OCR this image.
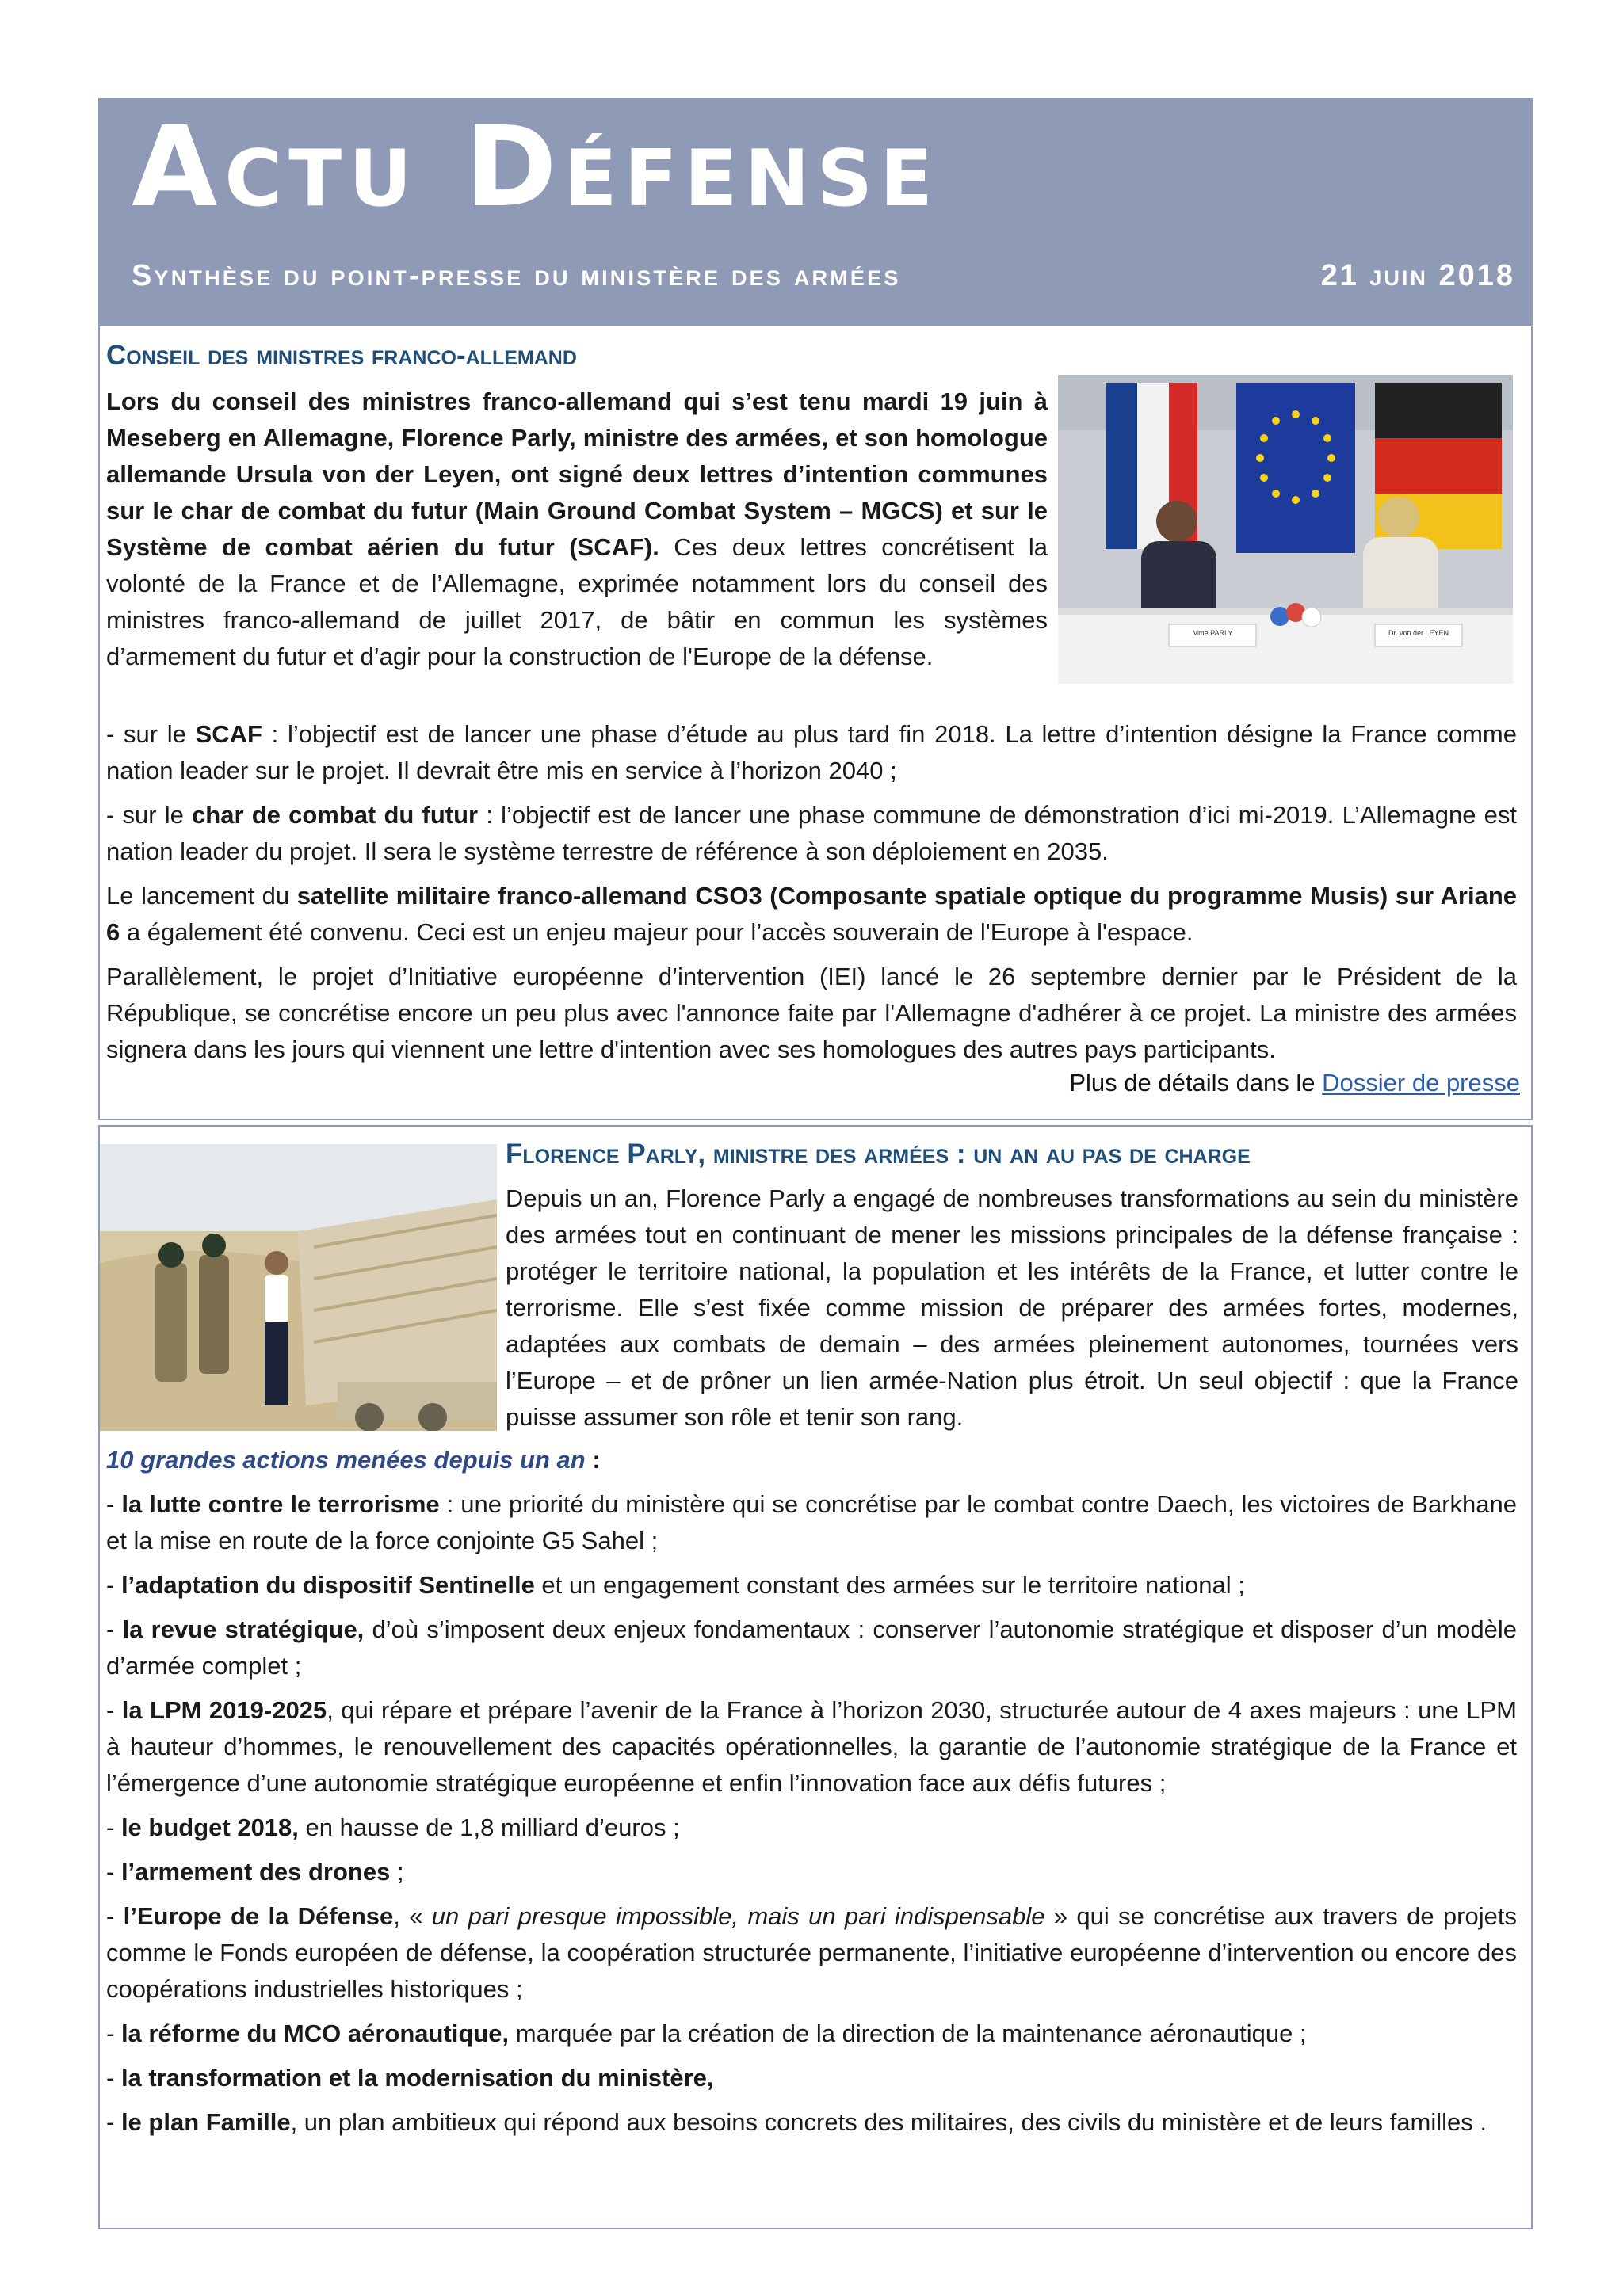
Actu Défense
Synthèse du point-presse du ministère des armées	21 juin 2018
Conseil des ministres franco-allemand
Mme PARLY	Dr. von der LEYEN

Lors du conseil des ministres franco-allemand qui s’est tenu mardi 19 juin à Meseberg en Allemagne, Florence Parly, ministre des armées, et son homologue allemande Ursula von der Leyen, ont signé deux lettres d’intention communes sur le char de combat du futur (Main Ground Combat System – MGCS) et sur le Système de combat aérien du futur (SCAF). Ces deux lettres concrétisent la volonté de la France et de l’Allemagne, exprimée notamment lors du conseil des ministres franco-allemand de juillet 2017, de bâtir en commun les systèmes d’armement du futur et d’agir pour la construction de l'Europe de la défense.

- sur le SCAF : l’objectif est de lancer une phase d’étude au plus tard fin 2018. La lettre d’intention désigne la France comme nation leader sur le projet. Il devrait être mis en service à l’horizon 2040 ;

- sur le char de combat du futur : l’objectif est de lancer une phase commune de démonstration d’ici mi-2019. L’Allemagne est nation leader du projet. Il sera le système terrestre de référence à son déploiement en 2035.

Le lancement du satellite militaire franco-allemand CSO3 (Composante spatiale optique du programme Musis) sur Ariane 6 a également été convenu. Ceci est un enjeu majeur pour l’accès souverain de l'Europe à l'espace.

Parallèlement, le projet d’Initiative européenne d’intervention (IEI) lancé le 26 septembre dernier par le Président de la République, se concrétise encore un peu plus avec l'annonce faite par l'Allemagne d'adhérer à ce projet. La ministre des armées signera dans les jours qui viennent une lettre d'intention avec ses homologues des autres pays participants.

Florence Parly, ministre des armées : un an au pas de charge

Depuis un an, Florence Parly a engagé de nombreuses transformations au sein du ministère des armées tout en continuant de mener les missions principales de la défense française : protéger le territoire national, la population et les intérêts de la France, et lutter contre le terrorisme. Elle s’est fixée comme mission de préparer des armées fortes, modernes, adaptées aux combats de demain – des armées pleinement autonomes, tournées vers l’Europe – et de prôner un lien armée-Nation plus étroit. Un seul objectif : que la France puisse assumer son rôle et tenir son rang.

10 grandes actions menées depuis un an :

- la lutte contre le terrorisme : une priorité du ministère qui se concrétise par le combat contre Daech, les victoires de Barkhane et la mise en route de la force conjointe G5 Sahel ;

- l’adaptation du dispositif Sentinelle et un engagement constant des armées sur le territoire national ;

- la revue stratégique, d’où s’imposent deux enjeux fondamentaux : conserver l’autonomie stratégique et disposer d’un modèle d’armée complet ;

- la LPM 2019-2025, qui répare et prépare l’avenir de la France à l’horizon 2030, structurée autour de 4 axes majeurs : une LPM à hauteur d’hommes, le renouvellement des capacités opérationnelles, la garantie de l’autonomie stratégique de la France et l’émergence d’une autonomie stratégique européenne et enfin l’innovation face aux défis futures ;

- le budget 2018, en hausse de 1,8 milliard d’euros ;

- l’armement des drones ;

- l’Europe de la Défense, « un pari presque impossible, mais un pari indispensable » qui se concrétise aux travers de projets comme le Fonds européen de défense, la coopération structurée permanente, l’initiative européenne d’intervention ou encore des coopérations industrielles historiques ;

- la réforme du MCO aéronautique, marquée par la création de la direction de la maintenance aéronautique ;

- la transformation et la modernisation du ministère,

- le plan Famille, un plan ambitieux qui répond aux besoins concrets des militaires, des civils du ministère et de leurs familles .

Plus de détails dans le Dossier de presse
